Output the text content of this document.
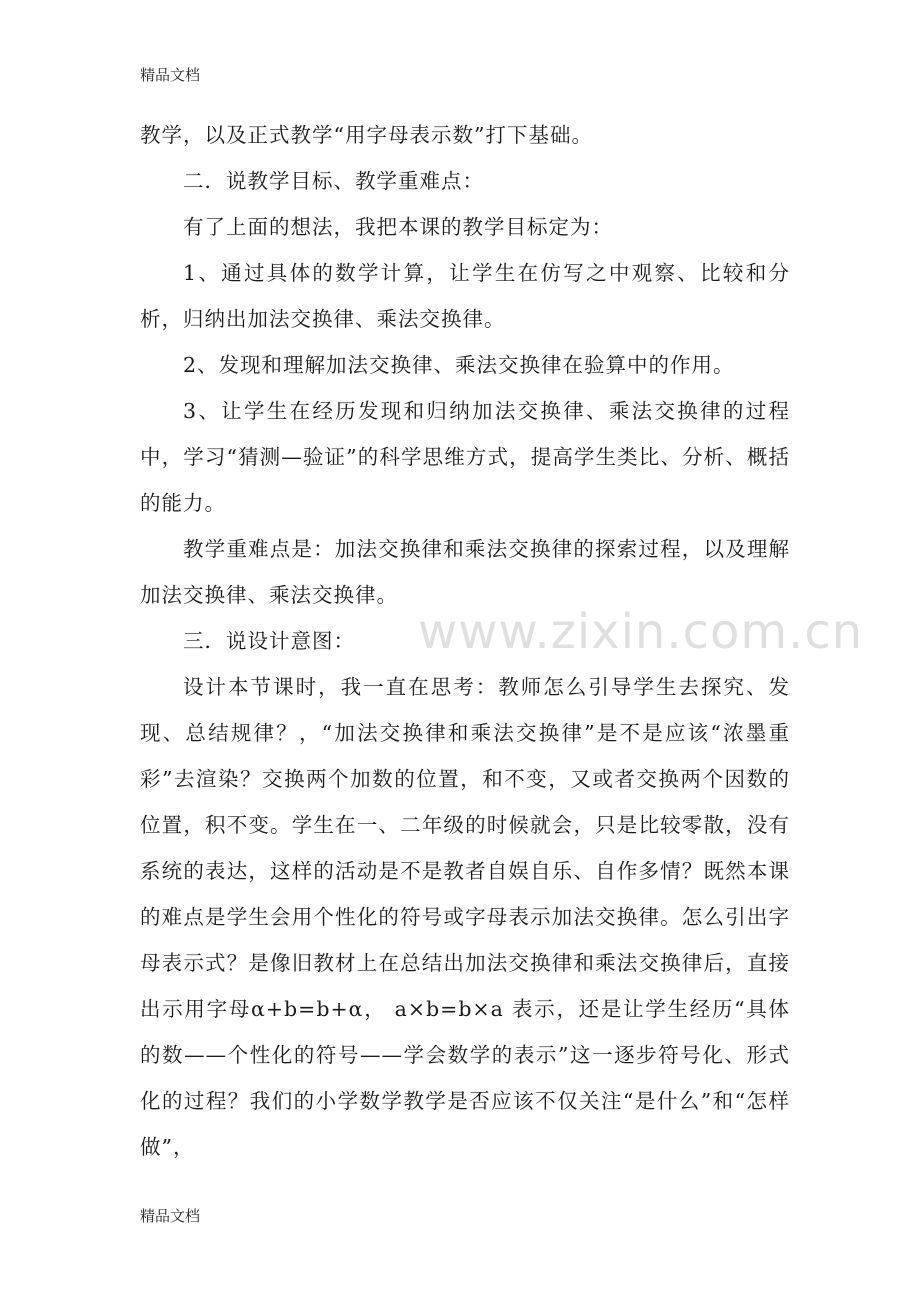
精品文档

教学，以及正式教学“用字母表示数”打下基础。

二．说教学目标、教学重难点：

有了上面的想法，我把本课的教学目标定为：

1、通过具体的数学计算，让学生在仿写之中观察、比较和分析，归纳出加法交换律、乘法交换律。

2、发现和理解加法交换律、乘法交换律在验算中的作用。

3、让学生在经历发现和归纳加法交换律、乘法交换律的过程中，学习“猜测—验证”的科学思维方式，提高学生类比、分析、概括的能力。

教学重难点是：加法交换律和乘法交换律的探索过程，以及理解加法交换律、乘法交换律。

三．说设计意图：

设计本节课时，我一直在思考：教师怎么引导学生去探究、发现、总结规律？，“加法交换律和乘法交换律”是不是应该“浓墨重彩”去渲染？交换两个加数的位置，和不变，又或者交换两个因数的位置，积不变。学生在一、二年级的时候就会，只是比较零散，没有系统的表达，这样的活动是不是教者自娱自乐、自作多情？既然本课的难点是学生会用个性化的符号或字母表示加法交换律。怎么引出字母表示式？是像旧教材上在总结出加法交换律和乘法交换律后，直接出示用字母α+b=b+α， a×b=b×a 表示，还是让学生经历“具体的数——个性化的符号——学会数学的表示”这一逐步符号化、形式化的过程？我们的小学数学教学是否应该不仅关注“是什么”和“怎样做”，

www.zixin.com.cn
精品文档
